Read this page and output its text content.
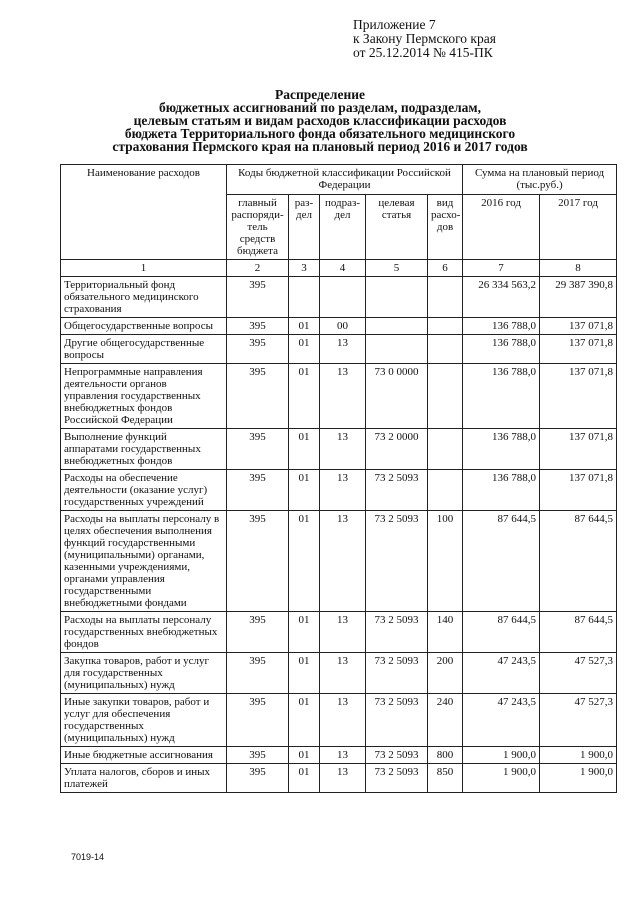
Приложение 7
к Закону Пермского края
от 25.12.2014 № 415-ПК
Распределение
бюджетных ассигнований по разделам, подразделам,
целевым статьям и видам расходов классификации расходов
бюджета Территориального фонда обязательного медицинского
страхования Пермского края на плановый период 2016 и 2017 годов
Наименование расходов	Коды бюджетной классификации Российской Федерации					Сумма на плановый период (тыс.руб.)	
	главный распоряди-тель средств бюджета	раз-дел	подраз-дел	целевая статья	вид расхо-дов	2016 год	2017 год
1	2	3	4	5	6	7	8
Территориальный фонд обязательного медицинского страхования	395					26 334 563,2	29 387 390,8
Общегосударственные вопросы	395	01	00			136 788,0	137 071,8
Другие общегосударственные вопросы	395	01	13			136 788,0	137 071,8
Непрограммные направления деятельности органов управления государственных внебюджетных фондов Российской Федерации	395	01	13	73 0 0000		136 788,0	137 071,8
Выполнение функций аппаратами государственных внебюджетных фондов	395	01	13	73 2 0000		136 788,0	137 071,8
Расходы на обеспечение деятельности (оказание услуг) государственных учреждений	395	01	13	73 2 5093		136 788,0	137 071,8
Расходы на выплаты персоналу в целях обеспечения выполнения функций государственными (муниципальными) органами, казенными учреждениями, органами управления государственными внебюджетными фондами	395	01	13	73 2 5093	100	87 644,5	87 644,5
Расходы на выплаты персоналу государственных внебюджетных фондов	395	01	13	73 2 5093	140	87 644,5	87 644,5
Закупка товаров, работ и услуг для государственных (муниципальных) нужд	395	01	13	73 2 5093	200	47 243,5	47 527,3
Иные закупки товаров, работ и услуг для обеспечения государственных (муниципальных) нужд	395	01	13	73 2 5093	240	47 243,5	47 527,3
Иные бюджетные ассигнования	395	01	13	73 2 5093	800	1 900,0	1 900,0
Уплата налогов, сборов и иных платежей	395	01	13	73 2 5093	850	1 900,0	1 900,0
7019-14
